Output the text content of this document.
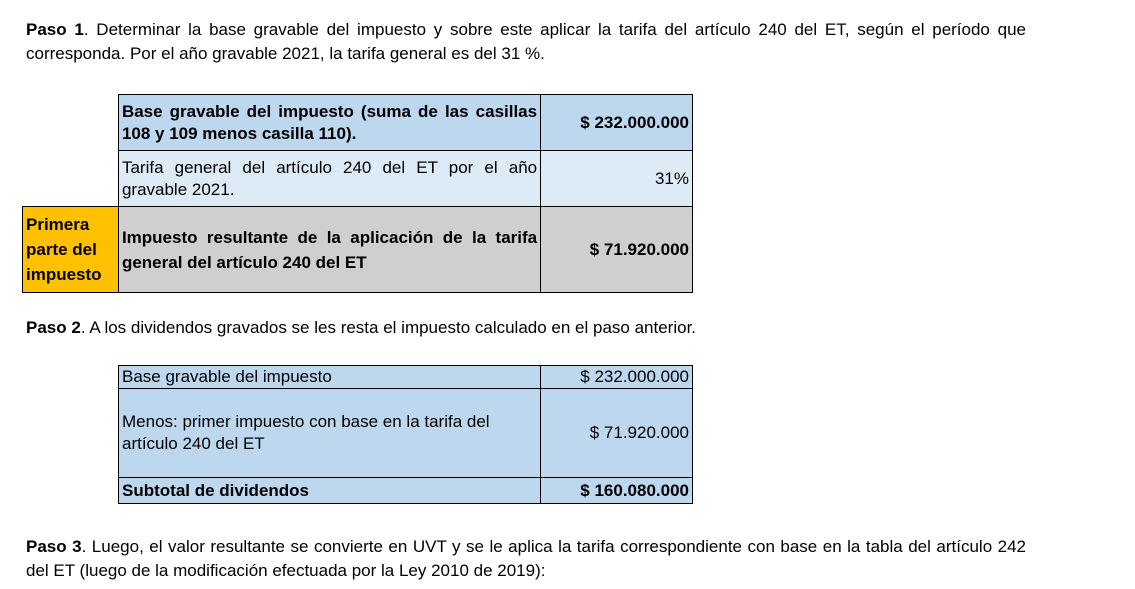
Paso 1. Determinar la base gravable del impuesto y sobre este aplicar la tarifa del artículo 240 del ET, según el período que corresponda. Por el año gravable 2021, la tarifa general es del 31 %.

	Base gravable del impuesto (suma de las casillas 108 y 109 menos casilla 110).	$ 232.000.000
	Tarifa general del artículo 240 del ET por el año gravable 2021.	31%
Primera parte del impuesto	Impuesto resultante de la aplicación de la tarifa general del artículo 240 del ET	$ 71.920.000

Paso 2. A los dividendos gravados se les resta el impuesto calculado en el paso anterior.

Base gravable del impuesto	$ 232.000.000
Menos: primer impuesto con base en la tarifa del artículo 240 del ET	$ 71.920.000
Subtotal de dividendos	$ 160.080.000

Paso 3. Luego, el valor resultante se convierte en UVT y se le aplica la tarifa correspondiente con base en la tabla del artículo 242 del ET (luego de la modificación efectuada por la Ley 2010 de 2019):
